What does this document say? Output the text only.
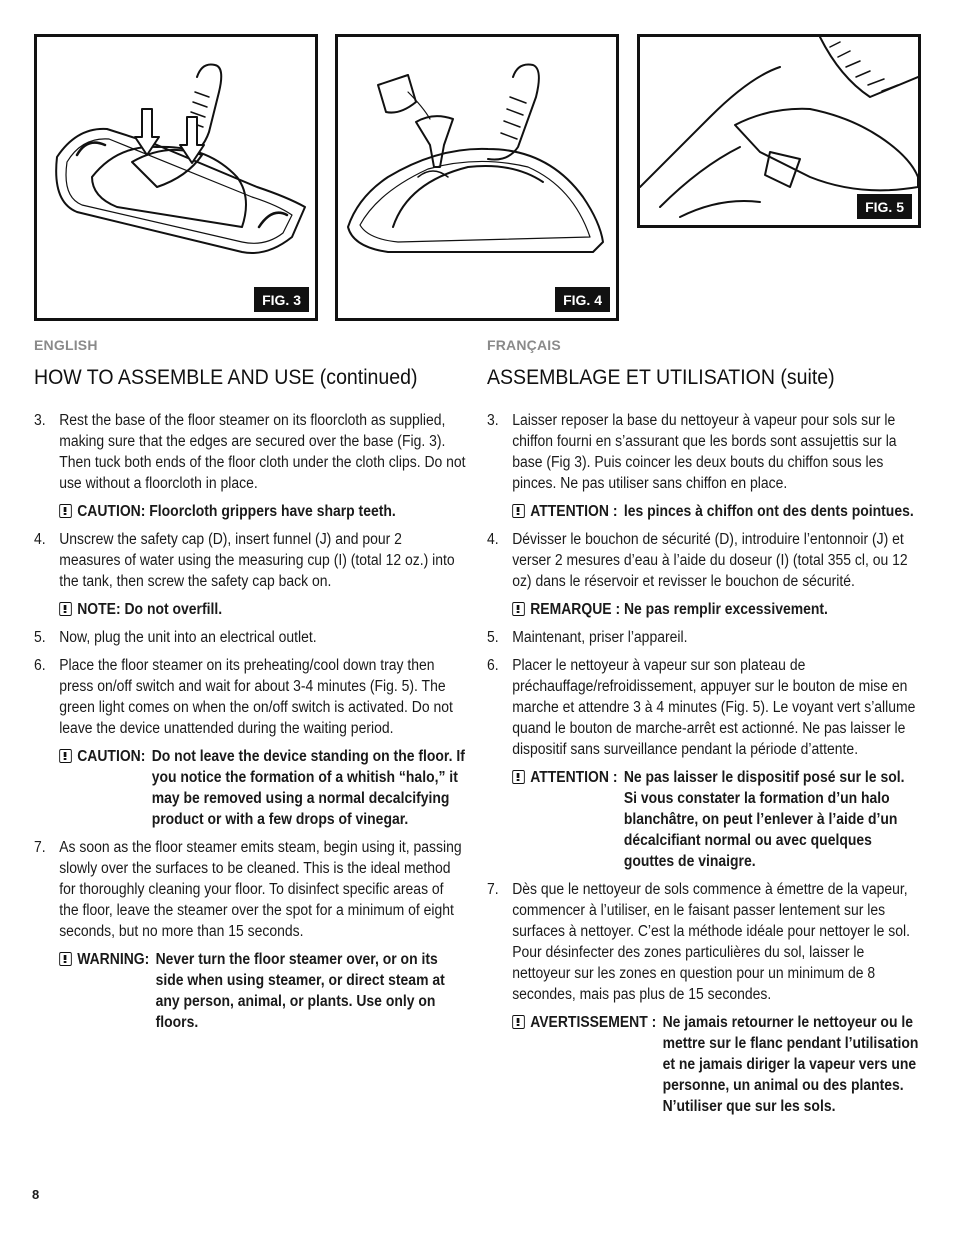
FIG. 3	FIG. 4
FIG. 5
ENGLISH
HOW TO ASSEMBLE AND USE (continued)
3. Rest the base of the floor steamer on its floorcloth as supplied, making sure that the edges are secured over the base (Fig. 3). Then tuck both ends of the floor cloth under the cloth clips. Do not use without a floorcloth in place.
CAUTION: Floorcloth grippers have sharp teeth.
4. Unscrew the safety cap (D), insert funnel (J) and pour 2 measures of water using the measuring cup (I) (total 12 oz.) into the tank, then screw the safety cap back on.
NOTE: Do not overfill.
5. Now, plug the unit into an electrical outlet.
6. Place the floor steamer on its preheating/cool down tray then press on/off switch and wait for about 3-4 minutes (Fig. 5). The green light comes on when the on/off switch is activated. Do not leave the device unattended during the waiting period.
CAUTION: Do not leave the device standing on the floor. If you notice the formation of a whitish “halo,” it may be removed using a normal decalcifying product or with a few drops of vinegar.
7. As soon as the floor steamer emits steam, begin using it, passing slowly over the surfaces to be cleaned. This is the ideal method for thoroughly cleaning your floor. To disinfect specific areas of the floor, leave the steamer over the spot for a minimum of eight seconds, but no more than 15 seconds.
WARNING: Never turn the floor steamer over, or on its side when using steamer, or direct steam at any person, animal, or plants. Use only on floors.
FRANÇAIS
ASSEMBLAGE ET UTILISATION (suite)
3. Laisser reposer la base du nettoyeur à vapeur pour sols sur le chiffon fourni en s’assurant que les bords sont assujettis sur la base (Fig 3). Puis coincer les deux bouts du chiffon sous les pinces. Ne pas utiliser sans chiffon en place.
ATTENTION : les pinces à chiffon ont des dents pointues.
4. Dévisser le bouchon de sécurité (D), introduire l’entonnoir (J) et verser 2 mesures d’eau à l’aide du doseur (I) (total 355 cl, ou 12 oz) dans le réservoir et revisser le bouchon de sécurité.
REMARQUE : Ne pas remplir excessivement.
5. Maintenant, priser l’appareil.
6. Placer le nettoyeur à vapeur sur son plateau de préchauffage/refroidissement, appuyer sur le bouton de mise en marche et attendre 3 à 4 minutes (Fig. 5). Le voyant vert s’allume quand le bouton de marche-arrêt est actionné. Ne pas laisser le dispositif sans surveillance pendant la période d’attente.
ATTENTION : Ne pas laisser le dispositif posé sur le sol. Si vous constater la formation d’un halo blanchâtre, on peut l’enlever à l’aide d’un décalcifiant normal ou avec quelques gouttes de vinaigre.
7. Dès que le nettoyeur de sols commence à émettre de la vapeur, commencer à l’utiliser, en le faisant passer lentement sur les surfaces à nettoyer. C’est la méthode idéale pour nettoyer le sol. Pour désinfecter des zones particulières du sol, laisser le nettoyeur sur les zones en question pour un minimum de 8 secondes, mais pas plus de 15 secondes.
AVERTISSEMENT : Ne jamais retourner le nettoyeur ou le mettre sur le flanc pendant l’utilisation et ne jamais diriger la vapeur vers une personne, un animal ou des plantes. N’utiliser que sur les sols.
8
